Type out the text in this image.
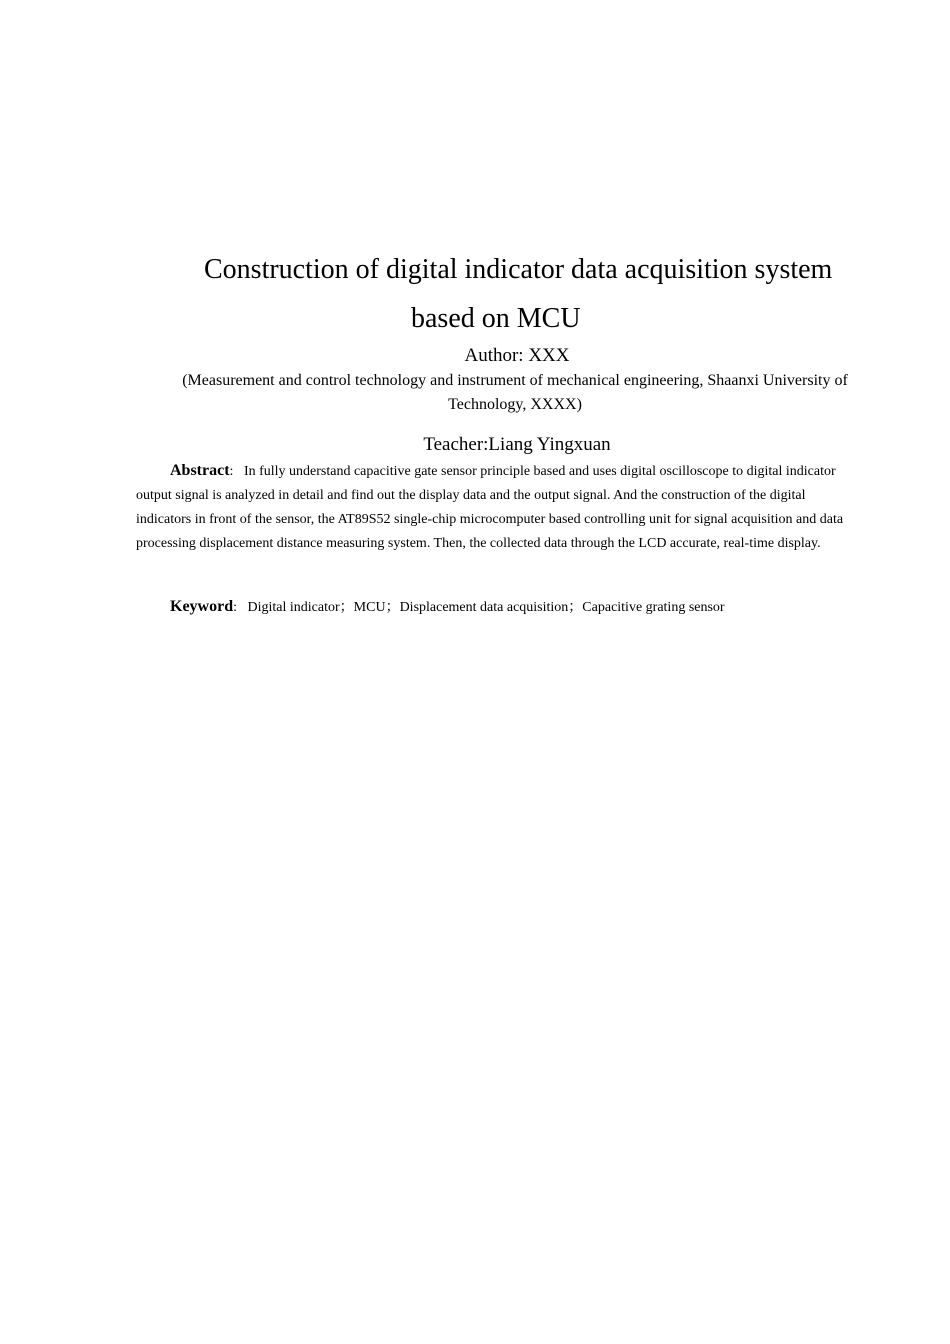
Construction of digital indicator data acquisition system
based on MCU
Author: XXX
(Measurement and control technology and instrument of mechanical engineering, Shaanxi University of Technology, XXXX)
Teacher:Liang Yingxuan
Abstract: In fully understand capacitive gate sensor principle based and uses digital oscilloscope to digital indicator output signal is analyzed in detail and find out the display data and the output signal. And the construction of the digital indicators in front of the sensor, the AT89S52 single-chip microcomputer based controlling unit for signal acquisition and data processing displacement distance measuring system. Then, the collected data through the LCD accurate, real-time display.
Keyword: Digital indicator；MCU；Displacement data acquisition；Capacitive grating sensor
